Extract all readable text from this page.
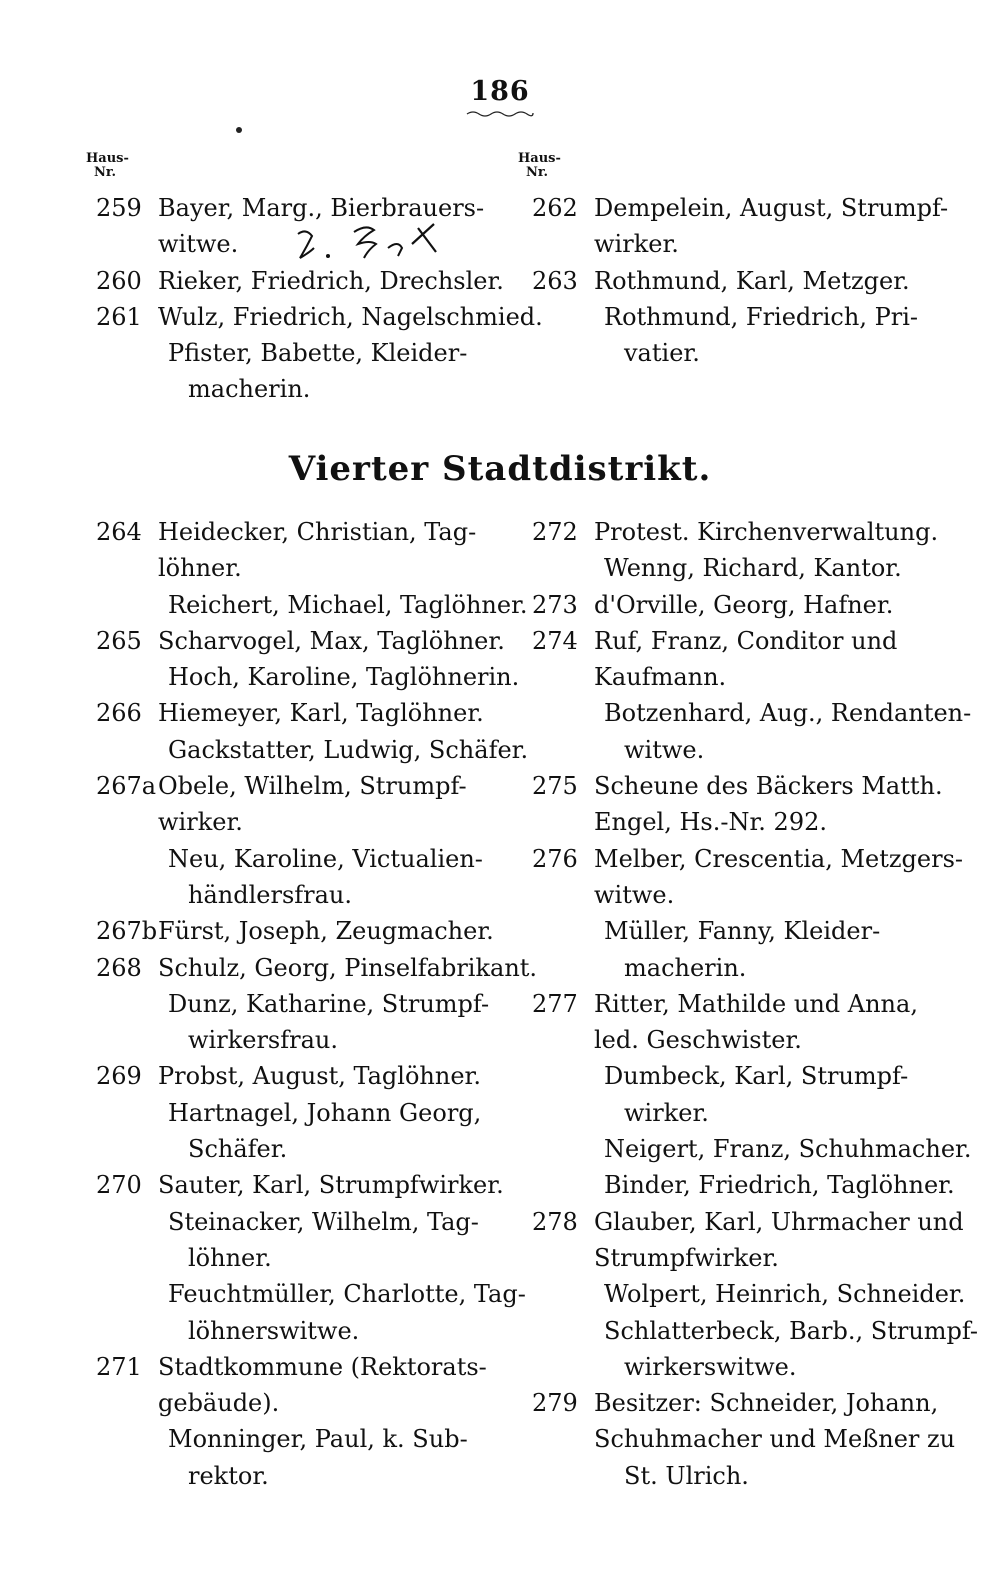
186
Haus-
Nr.
Haus-
Nr.
259 Bayer, Marg., Bierbrauers-
witwe.
260 Rieker, Friedrich, Drechsler.
261 Wulz, Friedrich, Nagelschmied.
Pfister, Babette, Kleider-
macherin.
262 Dempelein, August, Strumpf-
wirker.
263 Rothmund, Karl, Metzger.
Rothmund, Friedrich, Pri-
vatier.
Vierter Stadtdistrikt.
264 Heidecker, Christian, Tag-
löhner.
Reichert, Michael, Taglöhner.
265 Scharvogel, Max, Taglöhner.
Hoch, Karoline, Taglöhnerin.
266 Hiemeyer, Karl, Taglöhner.
Gackstatter, Ludwig, Schäfer.
267a Obele, Wilhelm, Strumpf-
wirker.
Neu, Karoline, Victualien-
händlersfrau.
267b Fürst, Joseph, Zeugmacher.
268 Schulz, Georg, Pinselfabrikant.
Dunz, Katharine, Strumpf-
wirkersfrau.
269 Probst, August, Taglöhner.
Hartnagel, Johann Georg,
Schäfer.
270 Sauter, Karl, Strumpfwirker.
Steinacker, Wilhelm, Tag-
löhner.
Feuchtmüller, Charlotte, Tag-
löhnerswitwe.
271 Stadtkommune (Rektorats-
gebäude).
Monninger, Paul, k. Sub-
rektor.
272 Protest. Kirchenverwaltung.
Wenng, Richard, Kantor.
273 d'Orville, Georg, Hafner.
274 Ruf, Franz, Conditor und
Kaufmann.
Botzenhard, Aug., Rendanten-
witwe.
275 Scheune des Bäckers Matth.
Engel, Hs.-Nr. 292.
276 Melber, Crescentia, Metzgers-
witwe.
Müller, Fanny, Kleider-
macherin.
277 Ritter, Mathilde und Anna,
led. Geschwister.
Dumbeck, Karl, Strumpf-
wirker.
Neigert, Franz, Schuhmacher.
Binder, Friedrich, Taglöhner.
278 Glauber, Karl, Uhrmacher und
Strumpfwirker.
Wolpert, Heinrich, Schneider.
Schlatterbeck, Barb., Strumpf-
wirkerswitwe.
279 Besitzer: Schneider, Johann,
Schuhmacher und Meßner zu
St. Ulrich.
